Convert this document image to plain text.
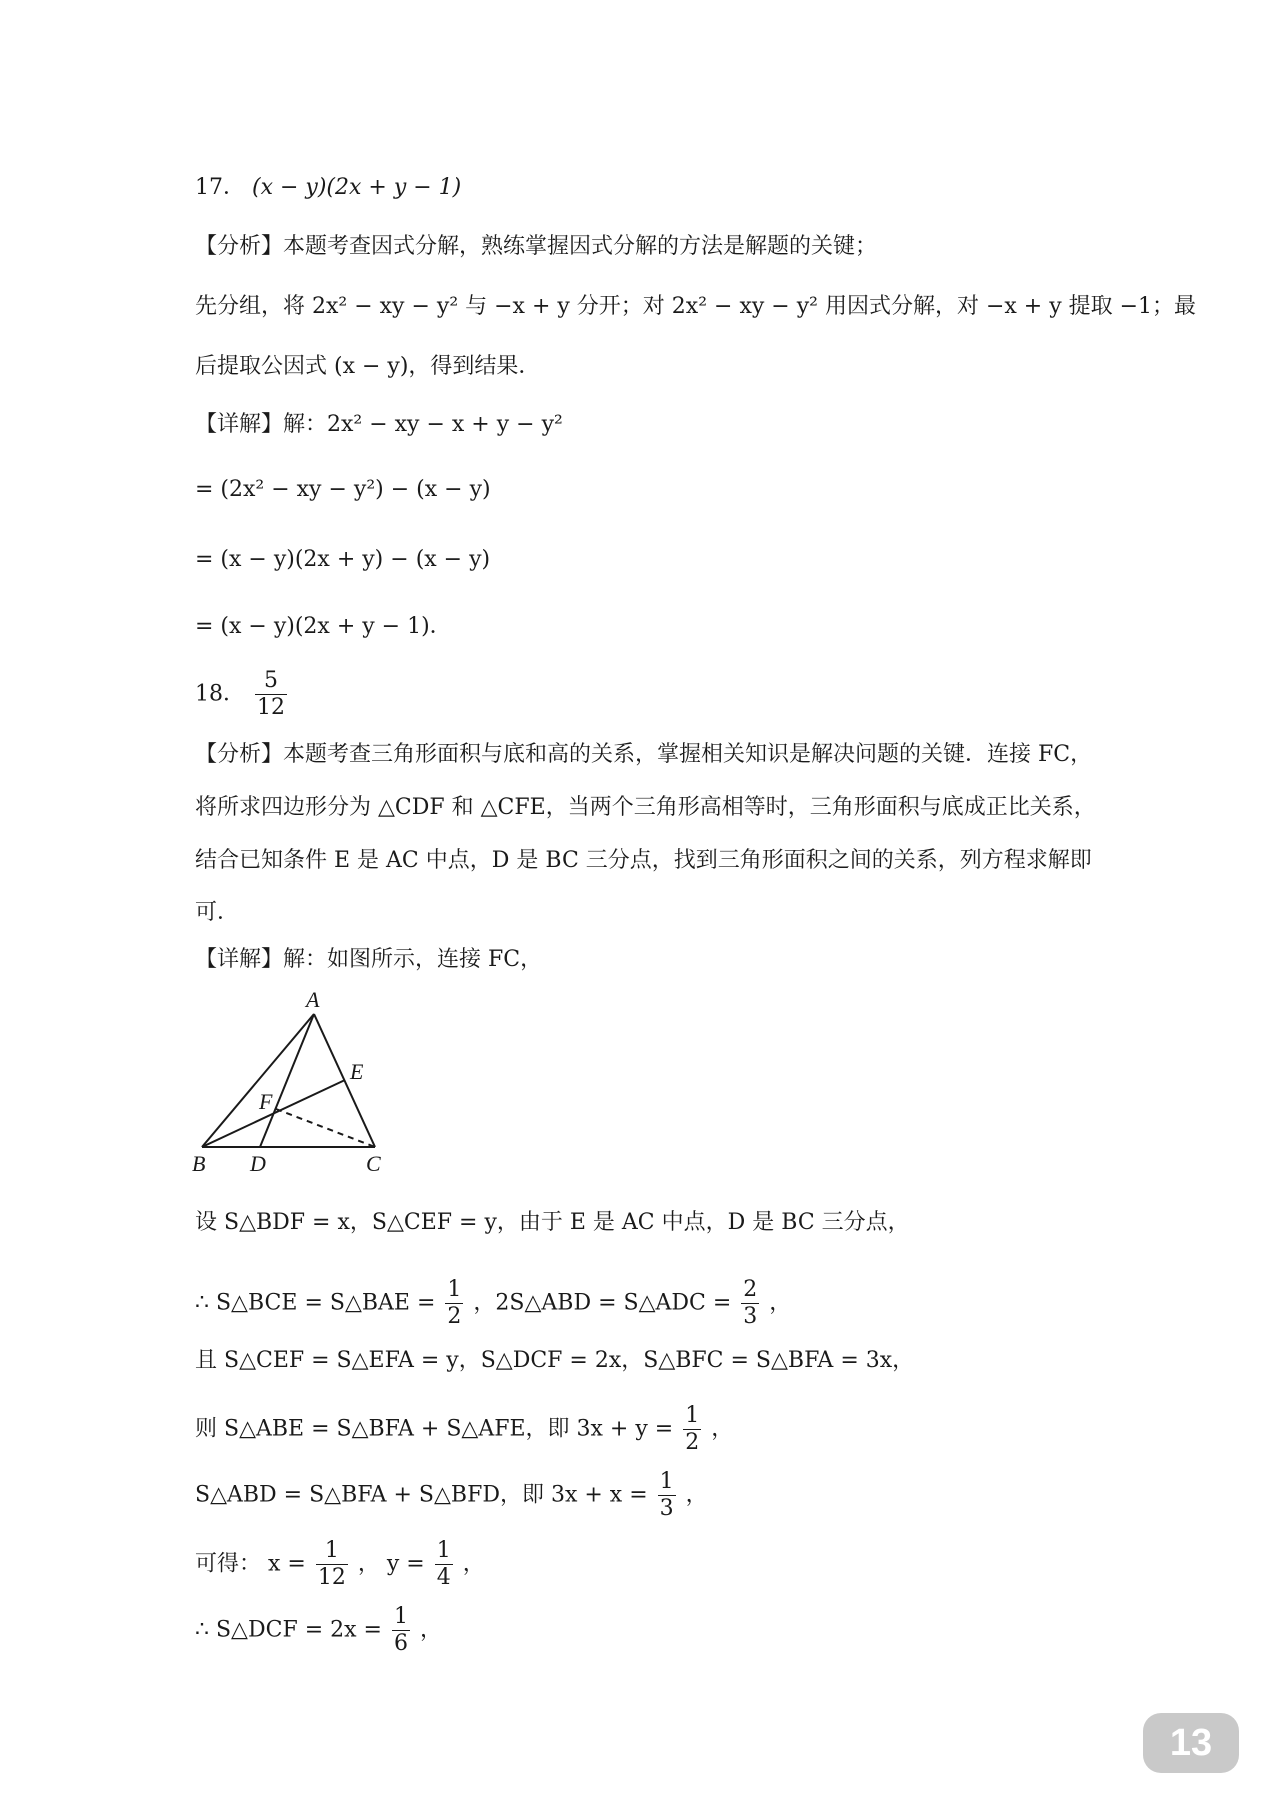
17． (x − y)(2x + y − 1)
【分析】本题考查因式分解，熟练掌握因式分解的方法是解题的关键；
先分组，将 2x² − xy − y² 与 −x + y 分开；对 2x² − xy − y² 用因式分解，对 −x + y 提取 −1；最
后提取公因式 (x − y)，得到结果．
【详解】解：2x² − xy − x + y − y²
= (2x² − xy − y²) − (x − y)
= (x − y)(2x + y) − (x − y)
= (x − y)(2x + y − 1)．
18． $\frac{5}{12}$
【分析】本题考查三角形面积与底和高的关系，掌握相关知识是解决问题的关键．连接 FC，
将所求四边形分为 △CDF 和 △CFE，当两个三角形高相等时，三角形面积与底成正比关系，
结合已知条件 E 是 AC 中点，D 是 BC 三分点，找到三角形面积之间的关系，列方程求解即
可．
【详解】解：如图所示，连接 FC，
A
E
F
B D	C
设 S△BDF = x，S△CEF = y，由于 E 是 AC 中点，D 是 BC 三分点，
∴ S△BCE = S△BAE = $\frac{1}{2}$ ，2S△ABD = S△ADC = $\frac{2}{3}$ ，
且 S△CEF = S△EFA = y，S△DCF = 2x，S△BFC = S△BFA = 3x，
则 S△ABE = S△BFA + S△AFE，即 $3x + y = \frac{1}{2}$ ，
S△ABD = S△BFA + S△BFD，即 $3x + x = \frac{1}{3}$ ，
可得： $x = \frac{1}{12}$ ， $y = \frac{1}{4}$ ，
∴ S△DCF = $2x = \frac{1}{6}$ ，
13
